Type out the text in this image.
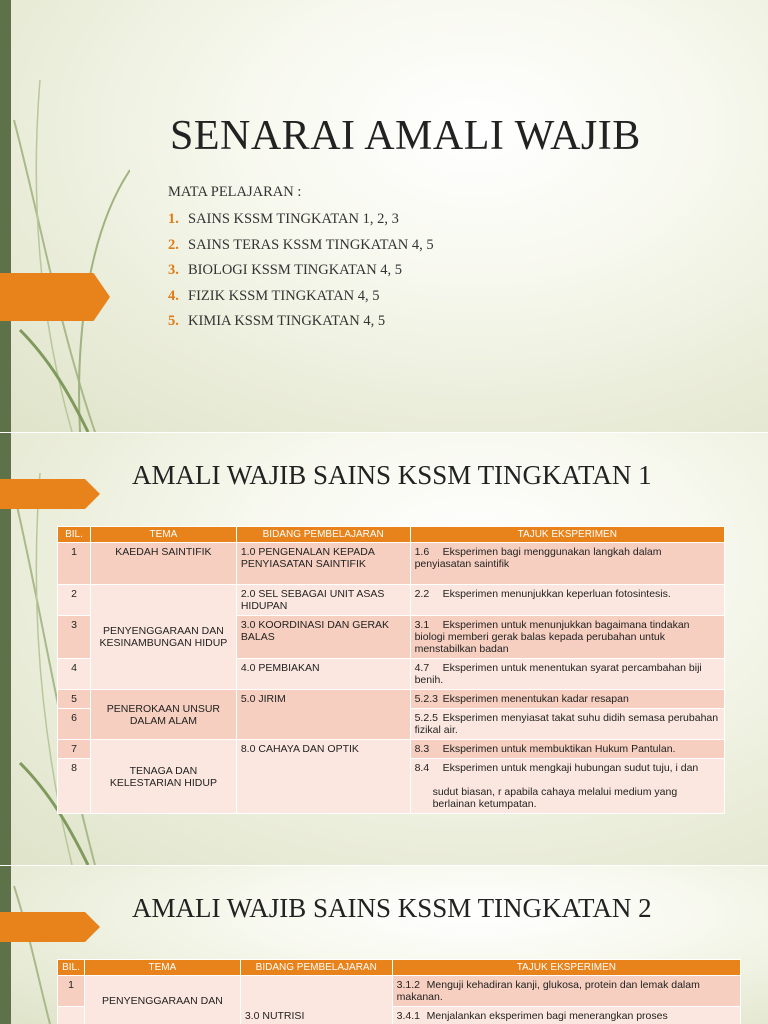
SENARAI AMALI WAJIB
MATA PELAJARAN :
1. SAINS KSSM TINGKATAN 1, 2, 3
2. SAINS TERAS KSSM TINGKATAN 4, 5
3. BIOLOGI KSSM TINGKATAN 4, 5
4. FIZIK KSSM TINGKATAN 4, 5
5. KIMIA KSSM TINGKATAN 4, 5
AMALI WAJIB SAINS KSSM TINGKATAN 1
BIL.	TEMA	BIDANG PEMBELAJARAN	TAJUK EKSPERIMEN
1	KAEDAH SAINTIFIK	1.0 PENGENALAN KEPADA PENYIASATAN SAINTIFIK	1.6 Eksperimen bagi menggunakan langkah dalam penyiasatan saintifik
2	PENYENGGARAAN DAN KESINAMBUNGAN HIDUP	2.0 SEL SEBAGAI UNIT ASAS HIDUPAN	2.2 Eksperimen menunjukkan keperluan fotosintesis.
3		3.0 KOORDINASI DAN GERAK BALAS	3.1 Eksperimen untuk menunjukkan bagaimana tindakan biologi memberi gerak balas kepada perubahan untuk menstabilkan badan
4		4.0 PEMBIAKAN	4.7 Eksperimen untuk menentukan syarat percambahan biji benih.
5	PENEROKAAN UNSUR DALAM ALAM	5.0 JIRIM	5.2.3 Eksperimen menentukan kadar resapan
6			5.2.5 Eksperimen menyiasat takat suhu didih semasa perubahan fizikal air.
7	TENAGA DAN KELESTARIAN HIDUP	8.0 CAHAYA DAN OPTIK	8.3 Eksperimen untuk membuktikan Hukum Pantulan.
8			8.4 Eksperimen untuk mengkaji hubungan sudut tuju, i dan
sudut biasan, r apabila cahaya melalui medium yang berlainan ketumpatan.
AMALI WAJIB SAINS KSSM TINGKATAN 2
BIL.	TEMA	BIDANG PEMBELAJARAN	TAJUK EKSPERIMEN
1	PENYENGGARAAN DAN	3.0 NUTRISI	3.1.2 Menguji kehadiran kanji, glukosa, protein dan lemak dalam makanan.
			3.4.1 Menjalankan eksperimen bagi menerangkan proses
